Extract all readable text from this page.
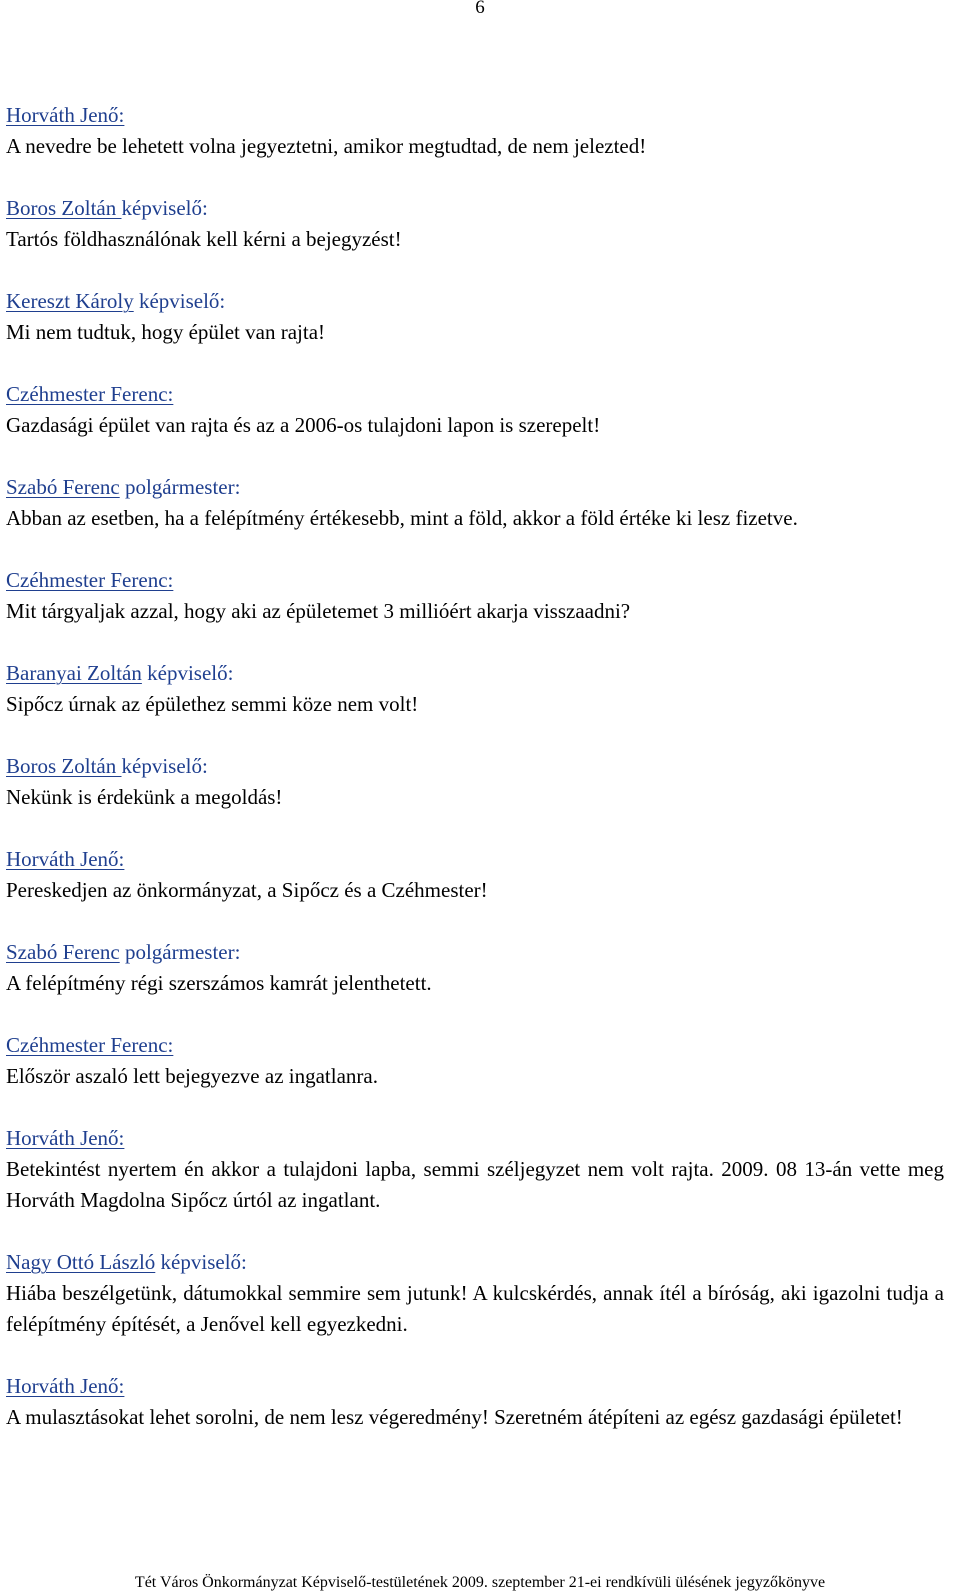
6

Horváth Jenő:

A nevedre be lehetett volna jegyeztetni, amikor megtudtad, de nem jelezted!

Boros Zoltán képviselő:

Tartós földhasználónak kell kérni a bejegyzést!

Kereszt Károly képviselő:

Mi nem tudtuk, hogy épület van rajta!

Czéhmester Ferenc:

Gazdasági épület van rajta és az a 2006-os tulajdoni lapon is szerepelt!

Szabó Ferenc polgármester:

Abban az esetben, ha a felépítmény értékesebb, mint a föld, akkor a föld értéke ki lesz fizetve.

Czéhmester Ferenc:

Mit tárgyaljak azzal, hogy aki az épületemet 3 millióért akarja visszaadni?

Baranyai Zoltán képviselő:

Sipőcz úrnak az épülethez semmi köze nem volt!

Boros Zoltán képviselő:

Nekünk is érdekünk a megoldás!

Horváth Jenő:

Pereskedjen az önkormányzat, a Sipőcz és a Czéhmester!

Szabó Ferenc polgármester:

A felépítmény régi szerszámos kamrát jelenthetett.

Czéhmester Ferenc:

Először aszaló lett bejegyezve az ingatlanra.

Horváth Jenő:

Betekintést nyertem én akkor a tulajdoni lapba, semmi széljegyzet nem volt rajta. 2009. 08 13-án vette meg Horváth Magdolna Sipőcz úrtól az ingatlant.

Nagy Ottó László képviselő:

Hiába beszélgetünk, dátumokkal semmire sem jutunk! A kulcskérdés, annak ítél a bíróság, aki igazolni tudja a felépítmény építését, a Jenővel kell egyezkedni.

Horváth Jenő:

A mulasztásokat lehet sorolni, de nem lesz végeredmény! Szeretném átépíteni az egész gazdasági épületet!

Tét Város Önkormányzat Képviselő-testületének 2009. szeptember 21-ei rendkívüli ülésének jegyzőkönyve
